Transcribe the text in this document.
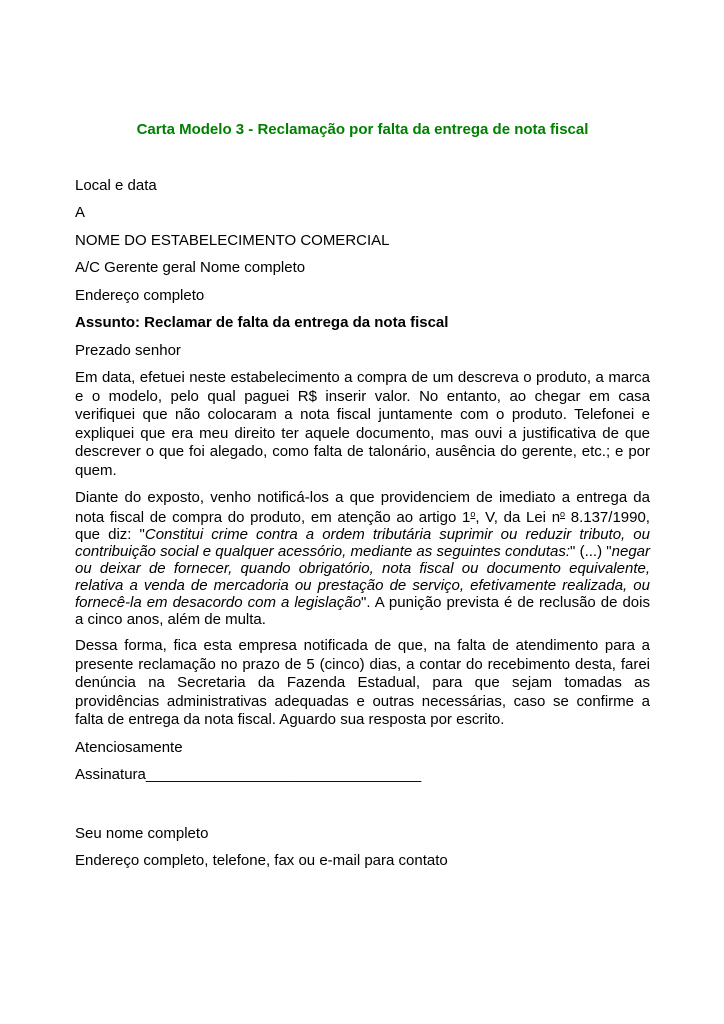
Carta Modelo 3 - Reclamação por falta da entrega de nota fiscal

Local e data

A

NOME DO ESTABELECIMENTO COMERCIAL

A/C Gerente geral Nome completo

Endereço completo

Assunto: Reclamar de falta da entrega da nota fiscal

Prezado senhor

Em data, efetuei neste estabelecimento a compra de um descreva o produto, a marca e o modelo, pelo qual paguei R$ inserir valor. No entanto, ao chegar em casa verifiquei que não colocaram a nota fiscal juntamente com o produto. Telefonei e expliquei que era meu direito ter aquele documento, mas ouvi a justificativa de que descrever o que foi alegado, como falta de talonário, ausência do gerente, etc.; e por quem.

Diante do exposto, venho notificá-los a que providenciem de imediato a entrega da nota fiscal de compra do produto, em atenção ao artigo 1$^o$, V, da Lei $n^o$ 8.137/1990, que diz: "Constitui crime contra a ordem tributária suprimir ou reduzir tributo, ou contribuição social e qualquer acessório, mediante as seguintes condutas:" (...) "negar ou deixar de fornecer, quando obrigatório, nota fiscal ou documento equivalente, relativa a venda de mercadoria ou prestação de serviço, efetivamente realizada, ou fornecê-la em desacordo com a legislação". A punição prevista é de reclusão de dois a cinco anos, além de multa.

Dessa forma, fica esta empresa notificada de que, na falta de atendimento para a presente reclamação no prazo de 5 (cinco) dias, a contar do recebimento desta, farei denúncia na Secretaria da Fazenda Estadual, para que sejam tomadas as providências administrativas adequadas e outras necessárias, caso se confirme a falta de entrega da nota fiscal. Aguardo sua resposta por escrito.

Atenciosamente

Assinatura_________________________________

Seu nome completo

Endereço completo, telefone, fax ou e-mail para contato
